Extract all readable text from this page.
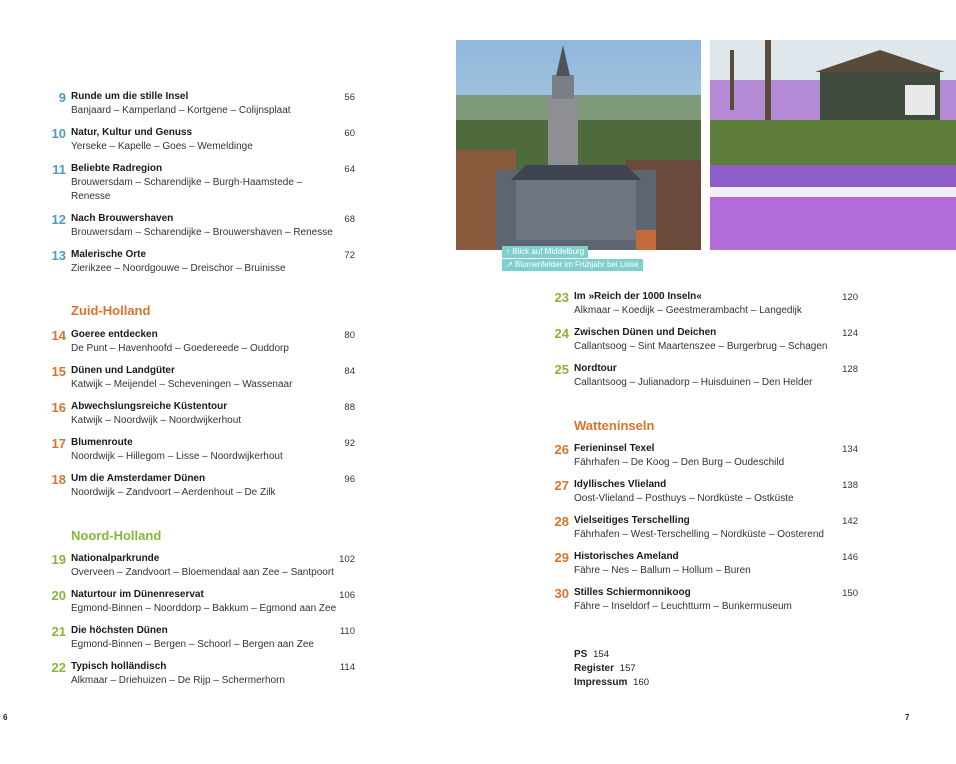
↑ Blick auf Middelburg
↗ Blumenfelder im Frühjahr bei Lisse
9 Runde um die stille Insel	56
Banjaard – Kamperland – Kortgene – Colijnsplaat
10 Natur, Kultur und Genuss	60
Yerseke – Kapelle – Goes – Wemeldinge
11 Beliebte Radregion	64
Brouwersdam – Scharendijke – Burgh-Haamstede – Renesse
12 Nach Brouwershaven	68
Brouwersdam – Scharendijke – Brouwershaven – Renesse
13 Malerische Orte	72
Zierikzee – Noordgouwe – Dreischor – Bruinisse
Zuid-Holland
14 Goeree entdecken	80
De Punt – Havenhoofd – Goedereede – Ouddorp
15 Dünen und Landgüter	84
Katwijk – Meijendel – Scheveningen – Wassenaar
16 Abwechslungsreiche Küstentour	88
Katwijk – Noordwijk – Noordwijkerhout
17 Blumenroute	92
Noordwijk – Hillegom – Lisse – Noordwijkerhout
18 Um die Amsterdamer Dünen	96
Noordwijk – Zandvoort – Aerdenhout – De Zilk
Noord-Holland
19 Nationalparkrunde	102
Overveen – Zandvoort – Bloemendaal aan Zee – Santpoort
20 Naturtour im Dünenreservat	106
Egmond-Binnen – Noorddorp – Bakkum – Egmond aan Zee
21 Die höchsten Dünen	110
Egmond-Binnen – Bergen – Schoorl – Bergen aan Zee
22 Typisch holländisch	114
Alkmaar – Driehuizen – De Rijp – Schermerhorn
23 Im »Reich der 1000 Inseln«	120
Alkmaar – Koedijk – Geestmerambacht – Langedijk
24 Zwischen Dünen und Deichen	124
Callantsoog – Sint Maartenszee – Burgerbrug – Schagen
25 Nordtour	128
Callantsoog – Julianadorp – Huisduinen – Den Helder
Watteninseln
26 Ferieninsel Texel	134
Fährhafen – De Koog – Den Burg – Oudeschild
27 Idyllisches Vlieland	138
Oost-Vlieland – Posthuys – Nordküste – Ostküste
28 Vielseitiges Terschelling	142
Fährhafen – West-Terschelling – Nordküste – Oosterend
29 Historisches Ameland	146
Fähre – Nes – Ballum – Hollum – Buren
30 Stilles Schiermonnikoog	150
Fähre – Inseldorf – Leuchtturm – Bunkermuseum
PS 154
Register 157
Impressum 160
6	7
